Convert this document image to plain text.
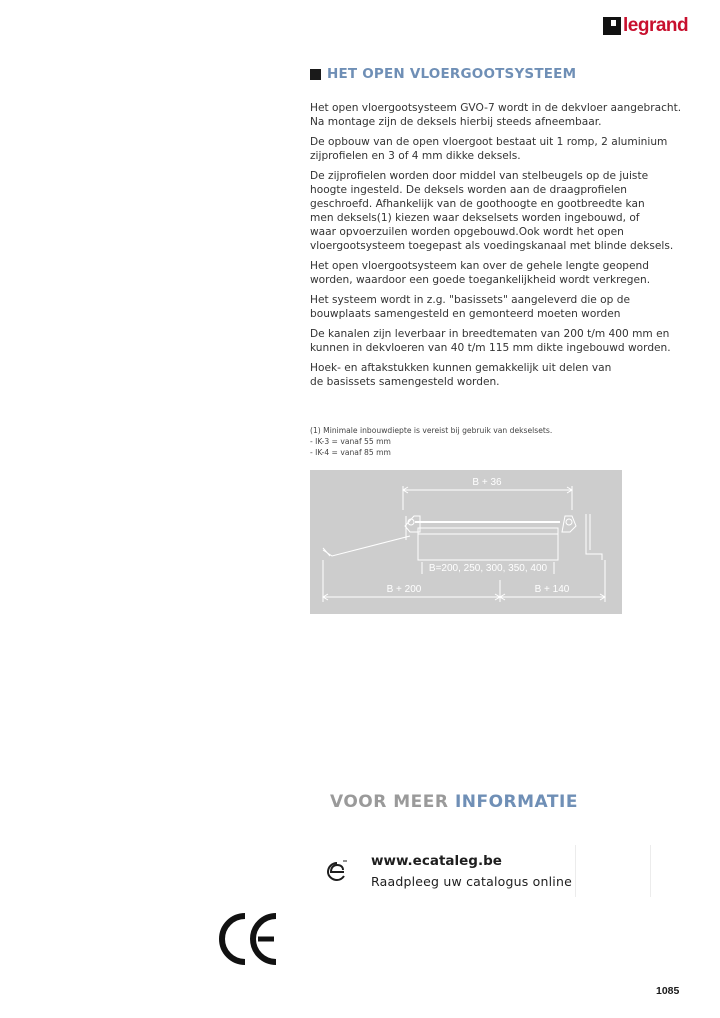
legrand
HET OPEN VLOERGOOTSYSTEEM

Het open vloergootsysteem GVO-7 wordt in de dekvloer aangebracht.
Na montage zijn de deksels hierbij steeds afneembaar.

De opbouw van de open vloergoot bestaat uit 1 romp, 2 aluminium
zijprofielen en 3 of 4 mm dikke deksels.

De zijprofielen worden door middel van stelbeugels op de juiste
hoogte ingesteld. De deksels worden aan de draagprofielen
geschroefd. Afhankelijk van de goothoogte en gootbreedte kan
men deksels(1) kiezen waar dekselsets worden ingebouwd, of
waar opvoerzuilen worden opgebouwd.Ook wordt het open
vloergootsysteem toegepast als voedingskanaal met blinde deksels.

Het open vloergootsysteem kan over de gehele lengte geopend
worden, waardoor een goede toegankelijkheid wordt verkregen.

Het systeem wordt in z.g. "basissets" aangeleverd die op de
bouwplaats samengesteld en gemonteerd moeten worden

De kanalen zijn leverbaar in breedtematen van 200 t/m 400 mm en
kunnen in dekvloeren van 40 t/m 115 mm dikte ingebouwd worden.

Hoek- en aftakstukken kunnen gemakkelijk uit delen van
de basissets samengesteld worden.

(1) Minimale inbouwdiepte is vereist bij gebruik van dekselsets.
- IK-3 = vanaf 55 mm
- IK-4 = vanaf 85 mm
B + 36
B=200, 250, 300, 350, 400
B + 200	B + 140
VOOR MEER INFORMATIE
www.ecataleg.be
Raadpleeg uw catalogus online
1085
